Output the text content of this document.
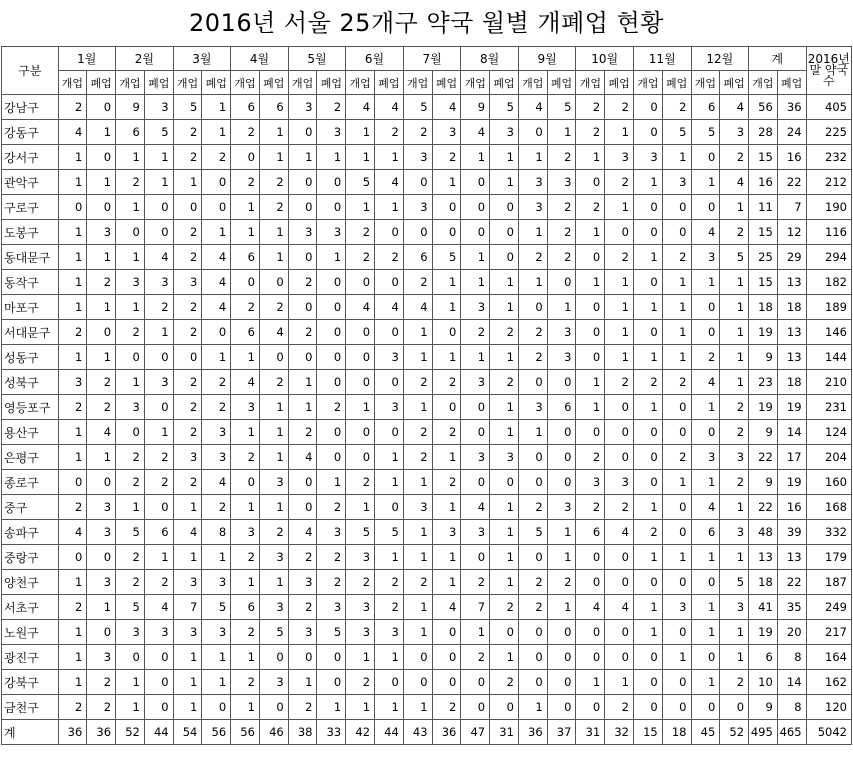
2016년 서울 25개구 약국 월별 개폐업 현황
구분	1월		2월		3월		4월		5월		6월		7월		8월		9월		10월		11월		12월		계		2016년 말 약국수
	개업	폐업	개업	폐업	개업	폐업	개업	폐업	개업	폐업	개업	폐업	개업	폐업	개업	폐업	개업	폐업	개업	폐업	개업	폐업	개업	폐업	개업	폐업	
강남구	2	0	9	3	5	1	6	6	3	2	4	4	5	4	9	5	4	5	2	2	0	2	6	4	56	36	405
강동구	4	1	6	5	2	1	2	1	0	3	1	2	2	3	4	3	0	1	2	1	0	5	5	3	28	24	225
강서구	1	0	1	1	2	2	0	1	1	1	1	1	3	2	1	1	1	2	1	3	3	1	0	2	15	16	232
관악구	1	1	2	1	1	0	2	2	0	0	5	4	0	1	0	1	3	3	0	2	1	3	1	4	16	22	212
구로구	0	0	1	0	0	0	1	2	0	0	1	1	3	0	0	0	3	2	2	1	0	0	0	1	11	7	190
도봉구	1	3	0	0	2	1	1	1	3	3	2	0	0	0	0	0	1	2	1	0	0	0	4	2	15	12	116
동대문구	1	1	1	4	2	4	6	1	0	1	2	2	6	5	1	0	2	2	0	2	1	2	3	5	25	29	294
동작구	1	2	3	3	3	4	0	0	2	0	0	0	2	1	1	1	1	0	1	1	0	1	1	1	15	13	182
마포구	1	1	1	2	2	4	2	2	0	0	4	4	4	1	3	1	0	1	0	1	1	1	0	1	18	18	189
서대문구	2	0	2	1	2	0	6	4	2	0	0	0	1	0	2	2	2	3	0	1	0	1	0	1	19	13	146
성동구	1	1	0	0	0	1	1	0	0	0	0	3	1	1	1	1	2	3	0	1	1	1	2	1	9	13	144
성북구	3	2	1	3	2	2	4	2	1	0	0	0	2	2	3	2	0	0	1	2	2	2	4	1	23	18	210
영등포구	2	2	3	0	2	2	3	1	1	2	1	3	1	0	0	1	3	6	1	0	1	0	1	2	19	19	231
용산구	1	4	0	1	2	3	1	1	2	0	0	0	2	2	0	1	1	0	0	0	0	0	0	2	9	14	124
은평구	1	1	2	2	3	3	2	1	4	0	0	1	2	1	3	3	0	0	2	0	0	2	3	3	22	17	204
종로구	0	0	2	2	2	4	0	3	0	1	2	1	1	2	0	0	0	0	3	3	0	1	1	2	9	19	160
중구	2	3	1	0	1	2	1	1	0	2	1	0	3	1	4	1	2	3	2	2	1	0	4	1	22	16	168
송파구	4	3	5	6	4	8	3	2	4	3	5	5	1	3	3	1	5	1	6	4	2	0	6	3	48	39	332
중랑구	0	0	2	1	1	1	2	3	2	2	3	1	1	1	0	1	0	1	0	0	1	1	1	1	13	13	179
양천구	1	3	2	2	3	3	1	1	3	2	2	2	2	1	2	1	2	2	0	0	0	0	0	5	18	22	187
서초구	2	1	5	4	7	5	6	3	2	3	3	2	1	4	7	2	2	1	4	4	1	3	1	3	41	35	249
노원구	1	0	3	3	3	3	2	5	3	5	3	3	1	0	1	0	0	0	0	0	1	0	1	1	19	20	217
광진구	1	3	0	0	1	1	1	0	0	0	1	1	0	0	2	1	0	0	0	0	0	1	0	1	6	8	164
강북구	1	2	1	0	1	1	2	3	1	0	2	0	0	0	0	2	0	0	1	1	0	0	1	2	10	14	162
금천구	2	2	1	0	1	0	1	0	2	1	1	1	1	2	0	0	1	0	0	2	0	0	0	0	9	8	120
계	36	36	52	44	54	56	56	46	38	33	42	44	43	36	47	31	36	37	31	32	15	18	45	52	495	465	5042
